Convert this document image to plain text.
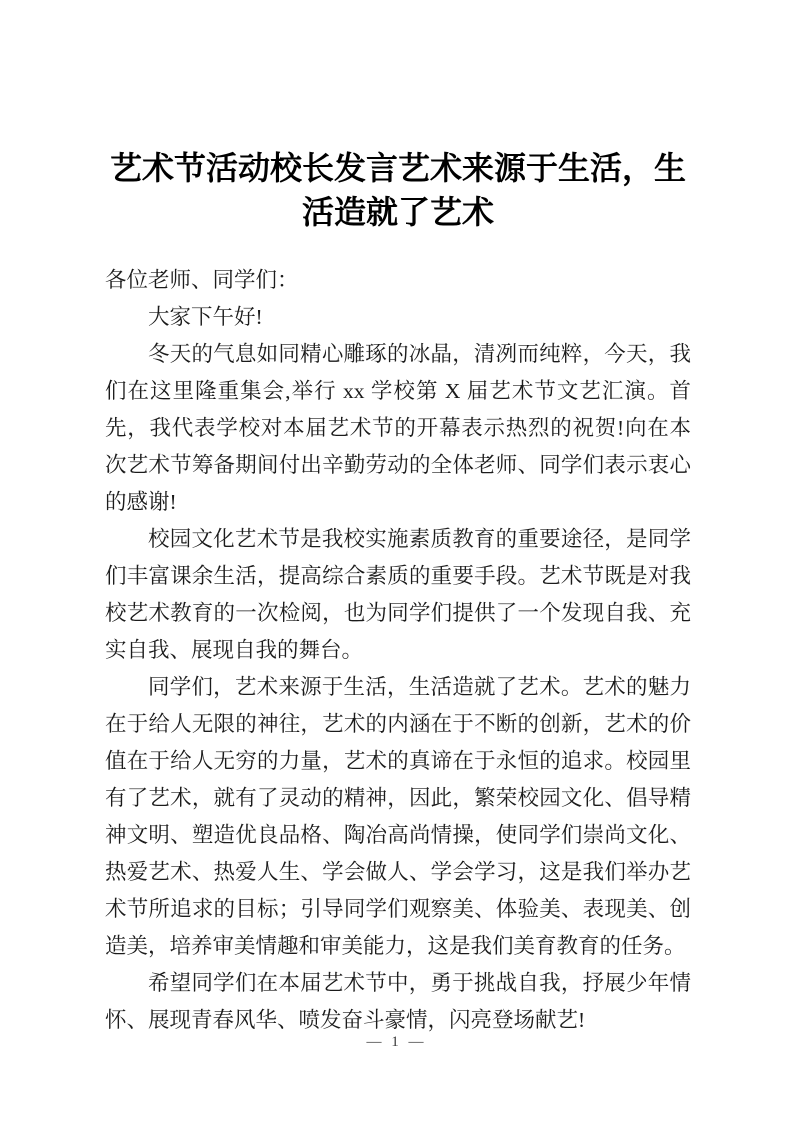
艺术节活动校长发言艺术来源于生活，生活造就了艺术

各位老师、同学们：

大家下午好!

冬天的气息如同精心雕琢的冰晶，清冽而纯粹，今天，我们在这里隆重集会,举行 xx 学校第 X 届艺术节文艺汇演。首先，我代表学校对本届艺术节的开幕表示热烈的祝贺!向在本次艺术节筹备期间付出辛勤劳动的全体老师、同学们表示衷心的感谢!

校园文化艺术节是我校实施素质教育的重要途径，是同学们丰富课余生活，提高综合素质的重要手段。艺术节既是对我校艺术教育的一次检阅，也为同学们提供了一个发现自我、充实自我、展现自我的舞台。

同学们，艺术来源于生活，生活造就了艺术。艺术的魅力在于给人无限的神往，艺术的内涵在于不断的创新，艺术的价值在于给人无穷的力量，艺术的真谛在于永恒的追求。校园里有了艺术，就有了灵动的精神，因此，繁荣校园文化、倡导精神文明、塑造优良品格、陶冶高尚情操，使同学们崇尚文化、热爱艺术、热爱人生、学会做人、学会学习，这是我们举办艺术节所追求的目标；引导同学们观察美、体验美、表现美、创造美，培养审美情趣和审美能力，这是我们美育教育的任务。

希望同学们在本届艺术节中，勇于挑战自我，抒展少年情怀、展现青春风华、喷发奋斗豪情，闪亮登场献艺!

— 1 —
